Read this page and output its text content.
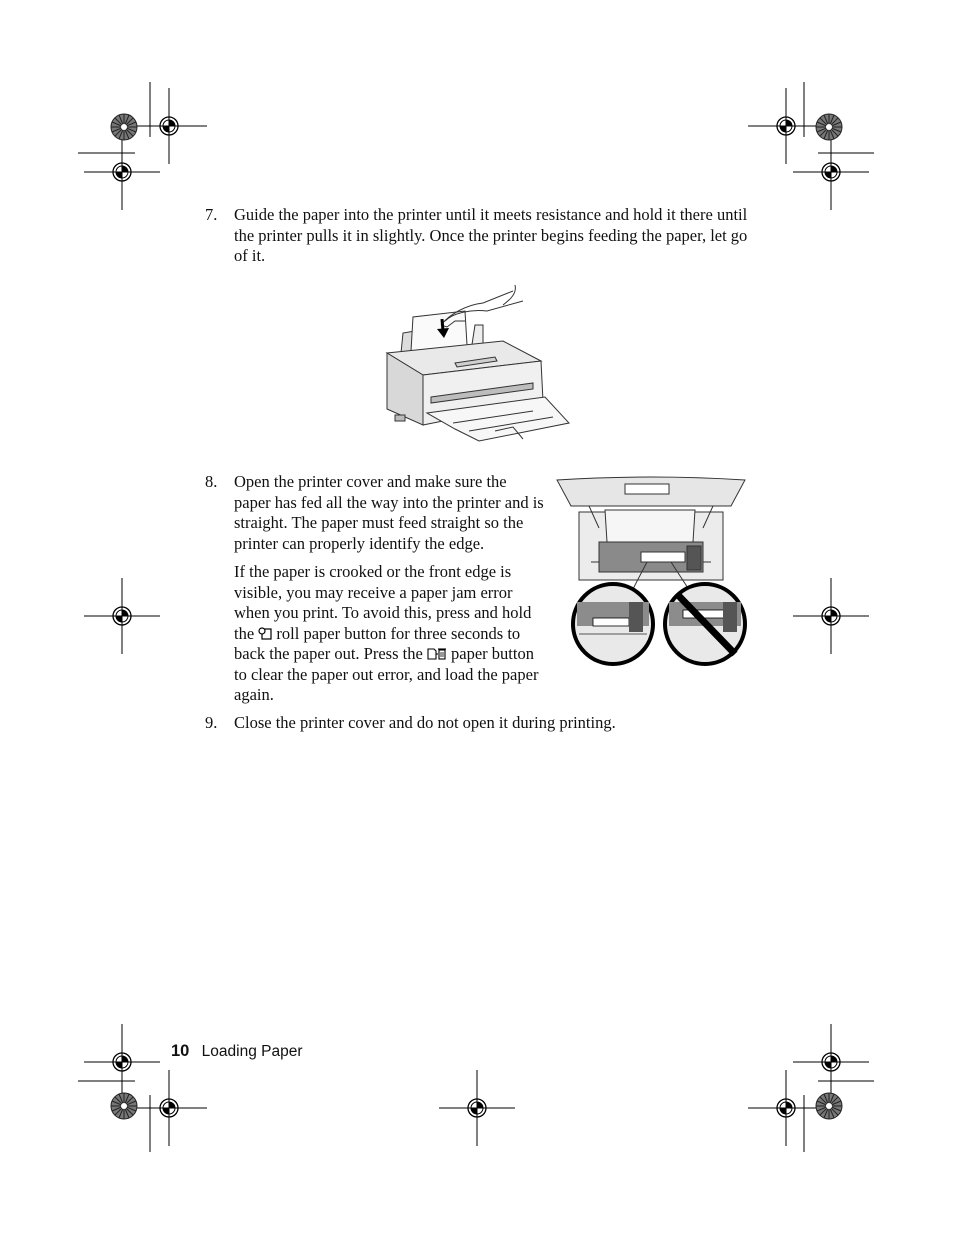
7.	Guide the paper into the printer until it meets resistance and hold it there until the printer pulls it in slightly. Once the printer begins feeding the paper, let go of it.

8.	Open the printer cover and make sure the paper has fed all the way into the printer and is straight. The paper must feed straight so the printer can properly identify the edge.

If the paper is crooked or the front edge is visible, you may receive a paper jam error when you print. To avoid this, press and hold the roll paper button for three seconds to back the paper out. Press the paper button to clear the paper out error, and load the paper again.

9.	Close the printer cover and do not open it during printing.

10 Loading Paper
